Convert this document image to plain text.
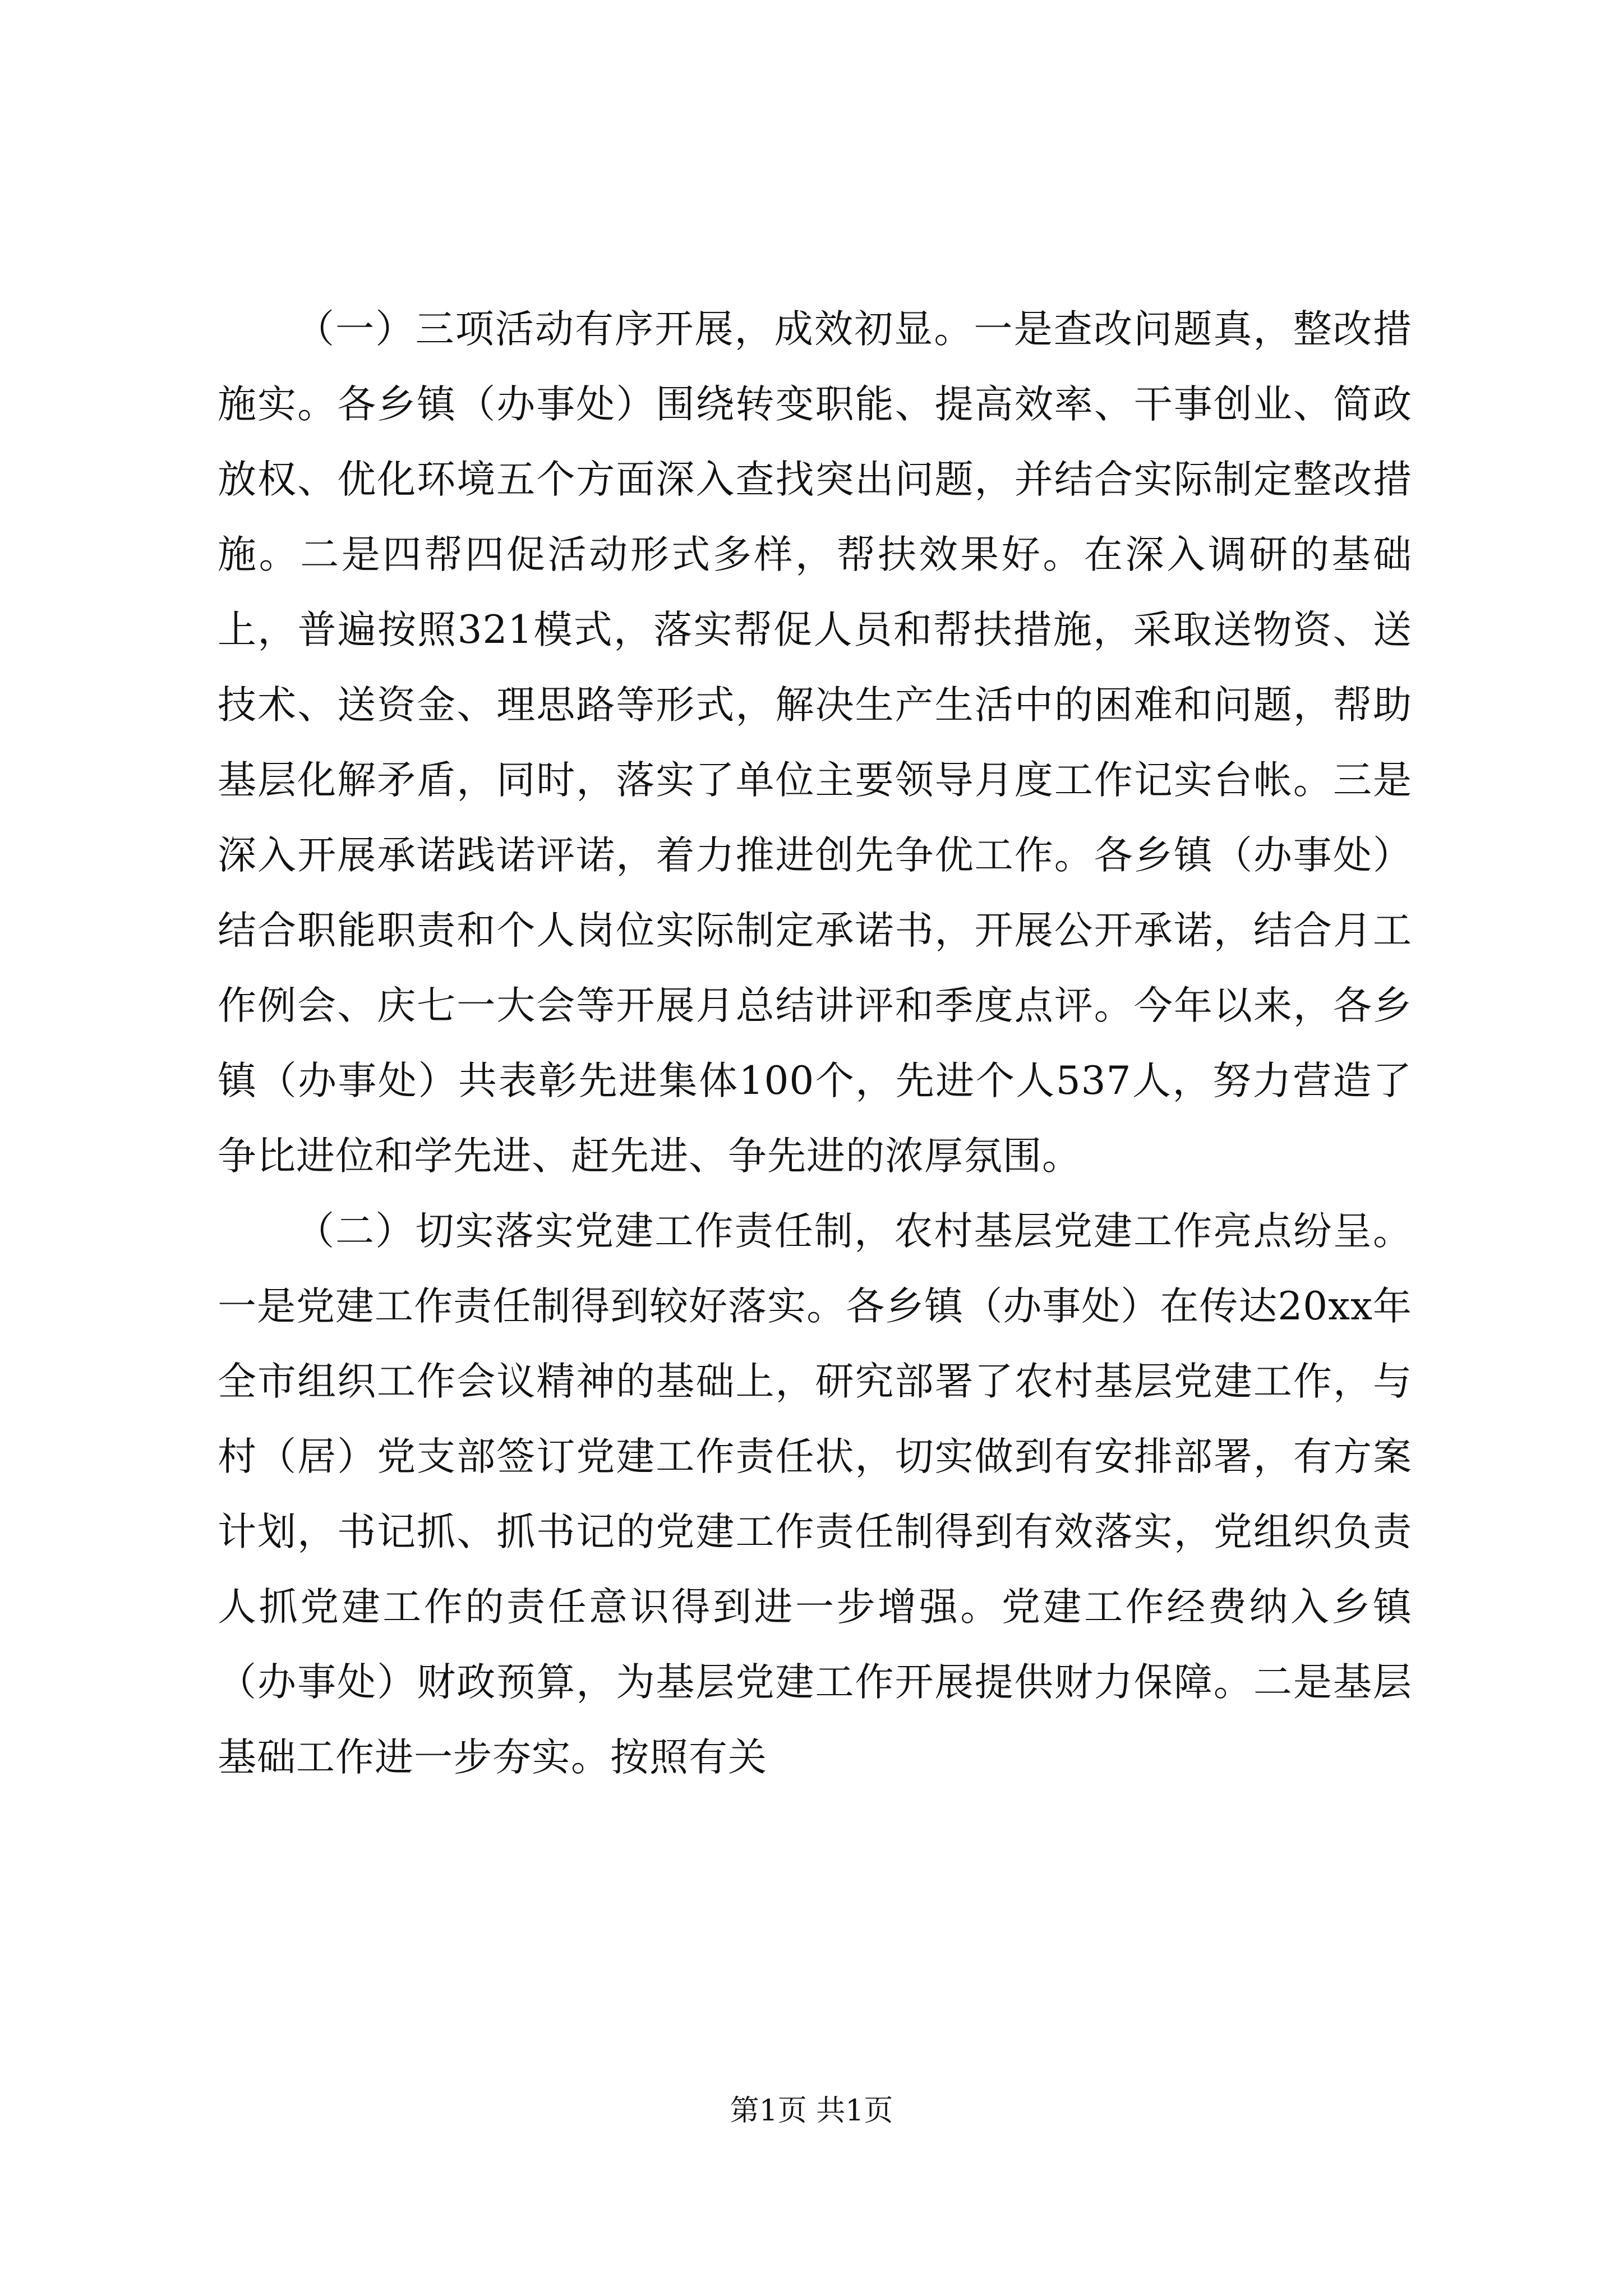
（一）三项活动有序开展，成效初显。一是查改问题真，整改措施实。各乡镇（办事处）围绕转变职能、提高效率、干事创业、简政放权、优化环境五个方面深入查找突出问题，并结合实际制定整改措施。二是四帮四促活动形式多样，帮扶效果好。在深入调研的基础上，普遍按照321模式，落实帮促人员和帮扶措施，采取送物资、送技术、送资金、理思路等形式，解决生产生活中的困难和问题，帮助基层化解矛盾，同时，落实了单位主要领导月度工作记实台帐。三是深入开展承诺践诺评诺，着力推进创先争优工作。各乡镇（办事处）结合职能职责和个人岗位实际制定承诺书，开展公开承诺，结合月工作例会、庆七一大会等开展月总结讲评和季度点评。今年以来，各乡镇（办事处）共表彰先进集体100个，先进个人537人，努力营造了争比进位和学先进、赶先进、争先进的浓厚氛围。

（二）切实落实党建工作责任制，农村基层党建工作亮点纷呈。一是党建工作责任制得到较好落实。各乡镇（办事处）在传达20xx年全市组织工作会议精神的基础上，研究部署了农村基层党建工作，与村（居）党支部签订党建工作责任状，切实做到有安排部署，有方案计划，书记抓、抓书记的党建工作责任制得到有效落实，党组织负责人抓党建工作的责任意识得到进一步增强。党建工作经费纳入乡镇（办事处）财政预算，为基层党建工作开展提供财力保障。二是基层基础工作进一步夯实。按照有关

第1页 共1页
